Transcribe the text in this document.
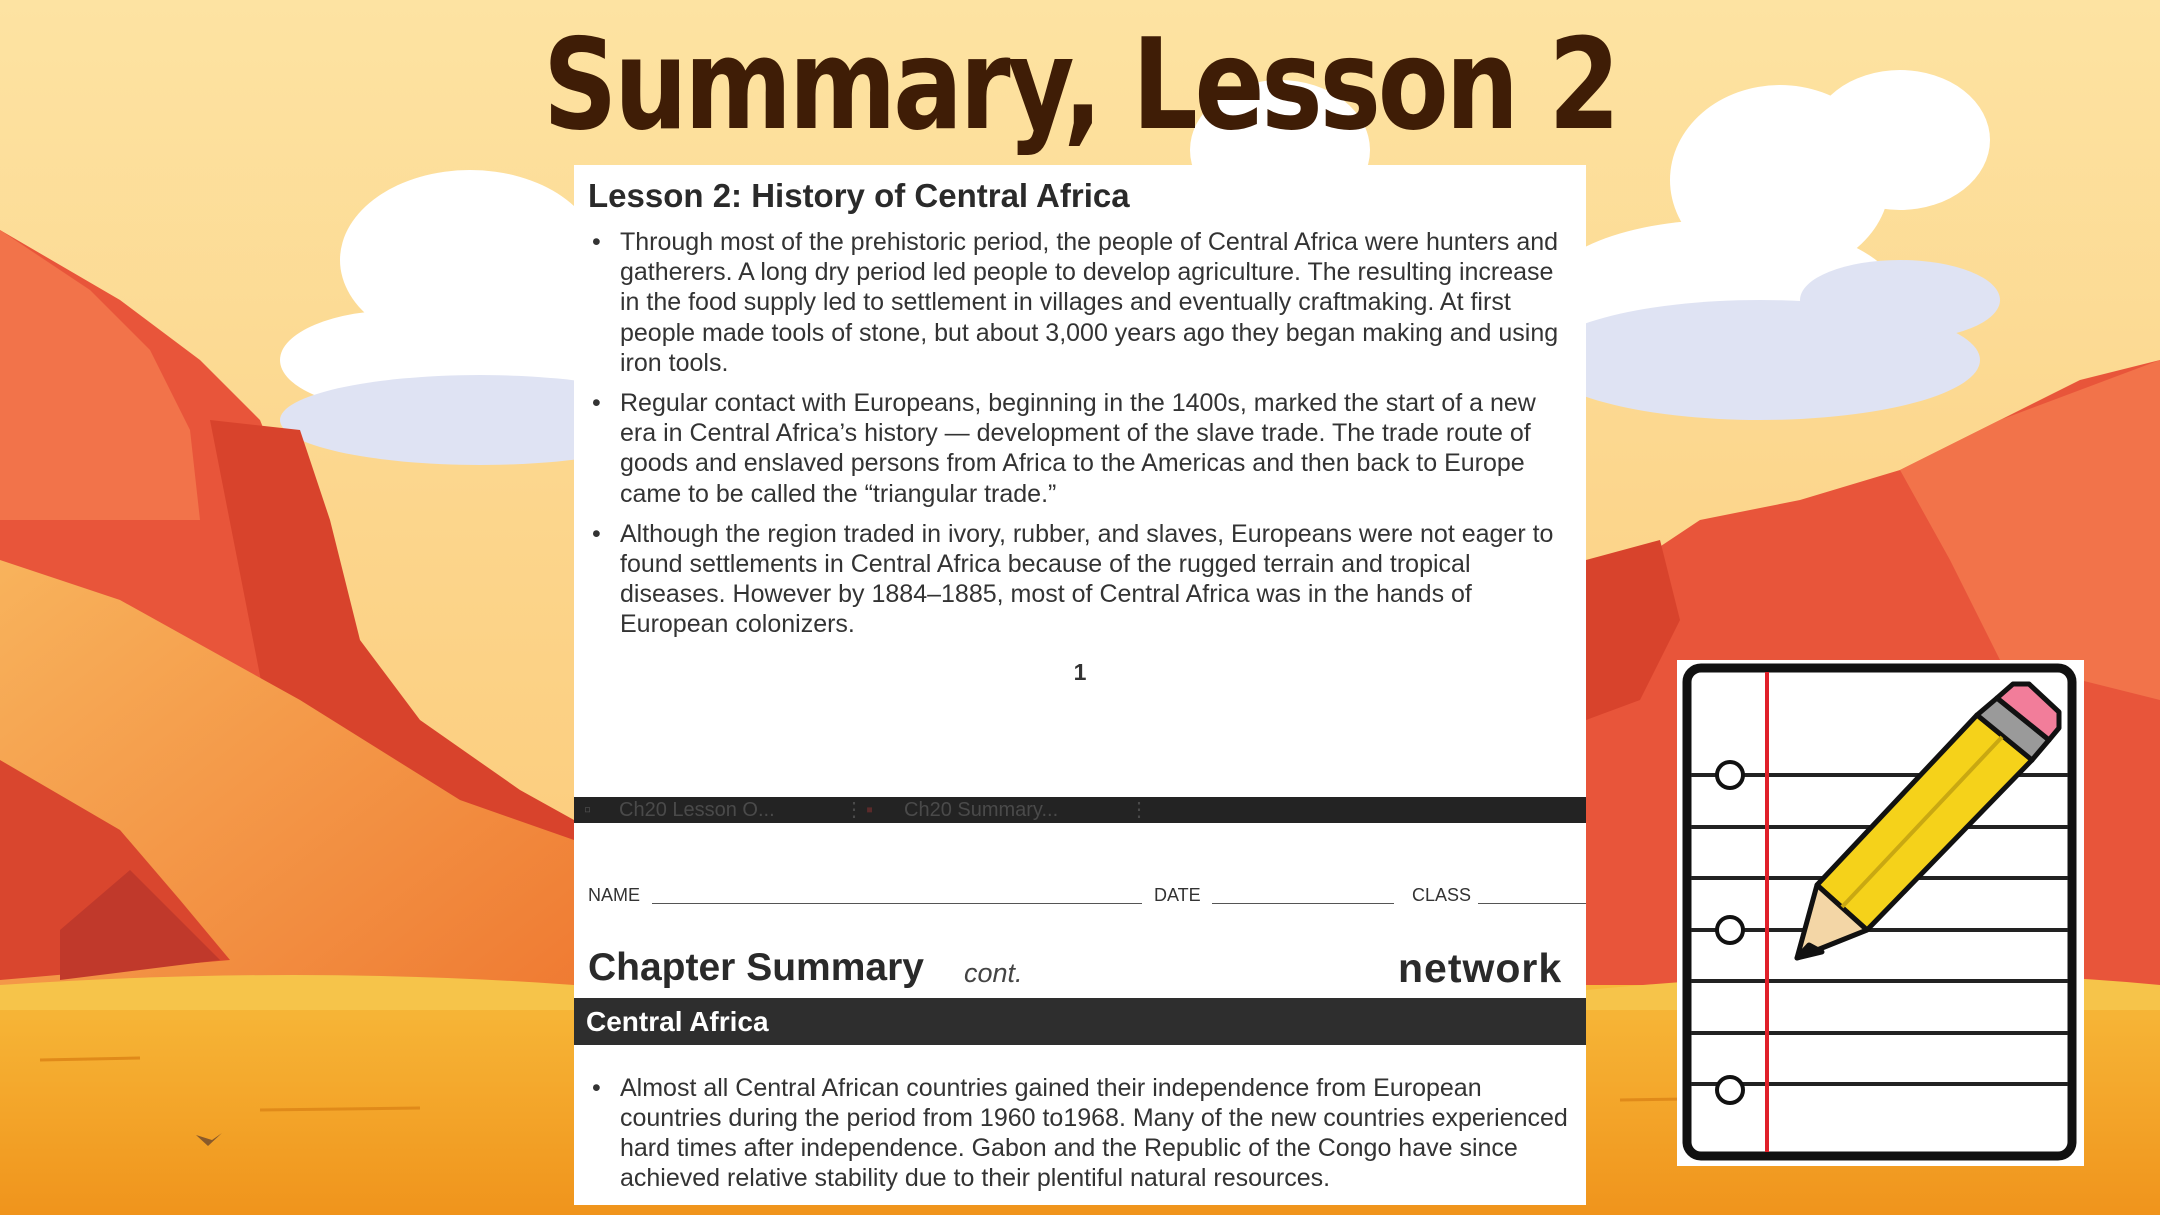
Summary, Lesson 2
Lesson 2: History of Central Africa
• Through most of the prehistoric period, the people of Central Africa were hunters and gatherers. A long dry period led people to develop agriculture. The resulting increase in the food supply led to settlement in villages and eventually craftmaking. At first people made tools of stone, but about 3,000 years ago they began making and using iron tools.
• Regular contact with Europeans, beginning in the 1400s, marked the start of a new era in Central Africa’s history — development of the slave trade. The trade route of goods and enslaved persons from Africa to the Americas and then back to Europe came to be called the “triangular trade.”
• Although the region traded in ivory, rubber, and slaves, Europeans were not eager to found settlements in Central Africa because of the rugged terrain and tropical diseases. However by 1884–1885, most of Central Africa was in the hands of European colonizers.
1
▫ Ch20 Lesson O...	⋮ ▪ Ch20 Summary...	⋮
NAME	DATE	CLASS
Chapter Summary cont.	network
Central Africa
• Almost all Central African countries gained their independence from European countries during the period from 1960 to1968. Many of the new countries experienced hard times after independence. Gabon and the Republic of the Congo have since achieved relative stability due to their plentiful natural resources.
